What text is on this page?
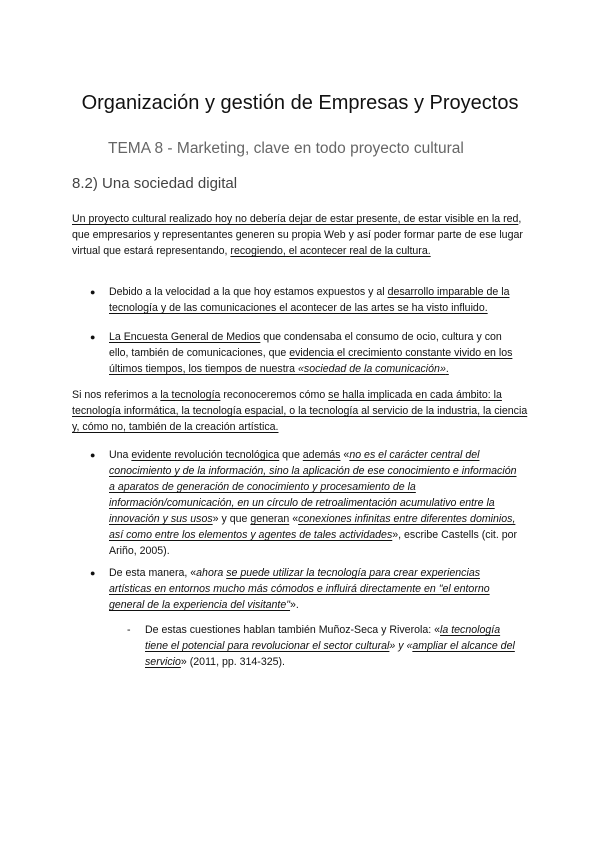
Organización y gestión de Empresas y Proyectos
TEMA 8 - Marketing, clave en todo proyecto cultural
8.2) Una sociedad digital
Un proyecto cultural realizado hoy no debería dejar de estar presente, de estar visible en la red, que empresarios y representantes generen su propia Web y así poder formar parte de ese lugar virtual que estará representando, recogiendo, el acontecer real de la cultura.
● Debido a la velocidad a la que hoy estamos expuestos y al desarrollo imparable de la tecnología y de las comunicaciones el acontecer de las artes se ha visto influido.
● La Encuesta General de Medios que condensaba el consumo de ocio, cultura y con ello, también de comunicaciones, que evidencia el crecimiento constante vivido en los últimos tiempos, los tiempos de nuestra «sociedad de la comunicación».
Si nos referimos a la tecnología reconoceremos cómo se halla implicada en cada ámbito: la tecnología informática, la tecnología espacial, o la tecnología al servicio de la industria, la ciencia y, cómo no, también de la creación artística.
● Una evidente revolución tecnológica que además «no es el carácter central del conocimiento y de la información, sino la aplicación de ese conocimiento e información a aparatos de generación de conocimiento y procesamiento de la información/comunicación, en un círculo de retroalimentación acumulativo entre la innovación y sus usos» y que generan «conexiones infinitas entre diferentes dominios, así como entre los elementos y agentes de tales actividades», escribe Castells (cit. por Ariño, 2005).
● De esta manera, «ahora se puede utilizar la tecnología para crear experiencias artísticas en entornos mucho más cómodos e influirá directamente en "el entorno general de la experiencia del visitante"».
- De estas cuestiones hablan también Muñoz-Seca y Riverola: «la tecnología tiene el potencial para revolucionar el sector cultural» y «ampliar el alcance del servicio» (2011, pp. 314-325).
